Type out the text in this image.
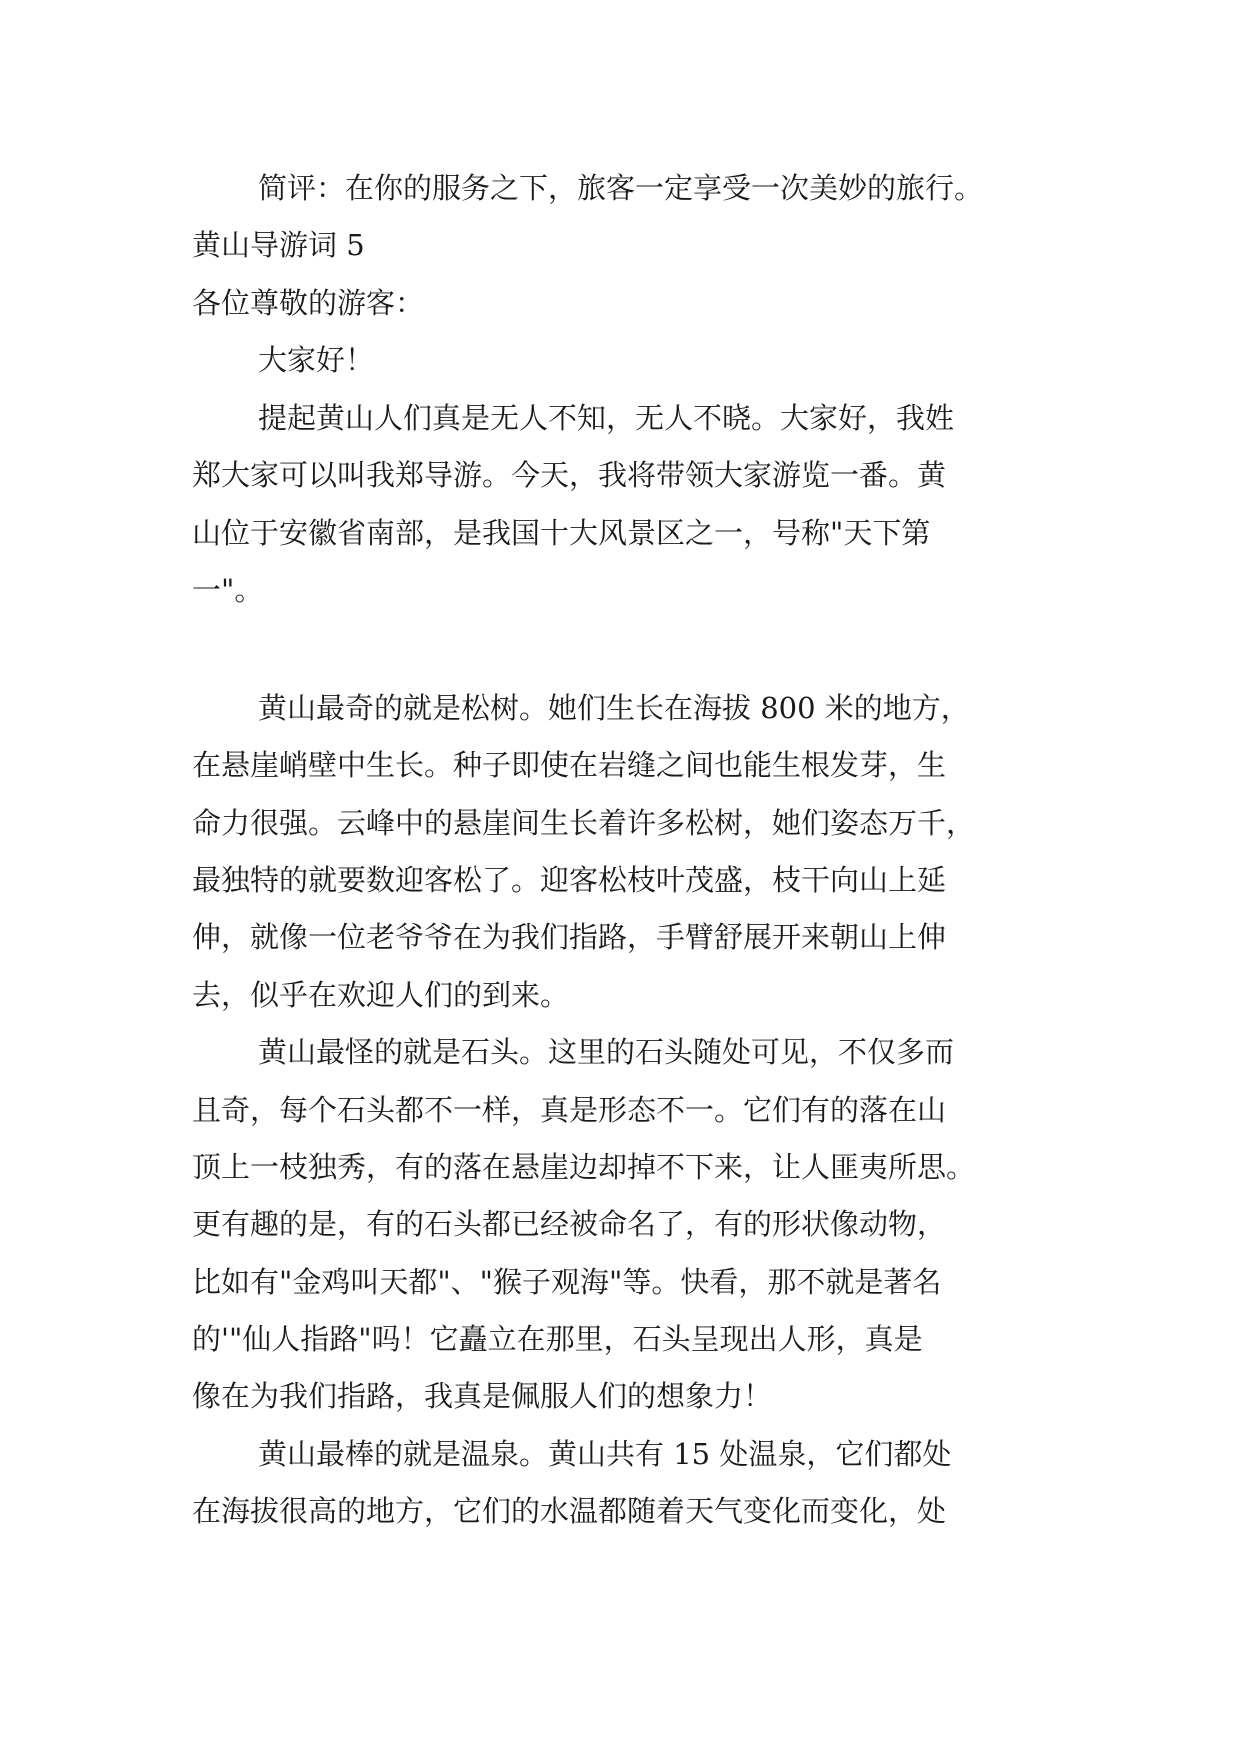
简评：在你的服务之下，旅客一定享受一次美妙的旅行。

黄山导游词 5

各位尊敬的游客：

大家好！

提起黄山人们真是无人不知，无人不晓。大家好，我姓

郑大家可以叫我郑导游。今天，我将带领大家游览一番。黄

山位于安徽省南部，是我国十大风景区之一，号称"天下第

一"。

黄山最奇的就是松树。她们生长在海拔 800 米的地方，

在悬崖峭壁中生长。种子即使在岩缝之间也能生根发芽，生

命力很强。云峰中的悬崖间生长着许多松树，她们姿态万千，

最独特的就要数迎客松了。迎客松枝叶茂盛，枝干向山上延

伸，就像一位老爷爷在为我们指路，手臂舒展开来朝山上伸

去，似乎在欢迎人们的到来。

黄山最怪的就是石头。这里的石头随处可见，不仅多而

且奇，每个石头都不一样，真是形态不一。它们有的落在山

顶上一枝独秀，有的落在悬崖边却掉不下来，让人匪夷所思。

更有趣的是，有的石头都已经被命名了，有的形状像动物，

比如有"金鸡叫天都"、"猴子观海"等。快看，那不就是著名

的'"仙人指路"吗！它矗立在那里，石头呈现出人形，真是

像在为我们指路，我真是佩服人们的想象力！

黄山最棒的就是温泉。黄山共有 15 处温泉，它们都处

在海拔很高的地方，它们的水温都随着天气变化而变化，处
